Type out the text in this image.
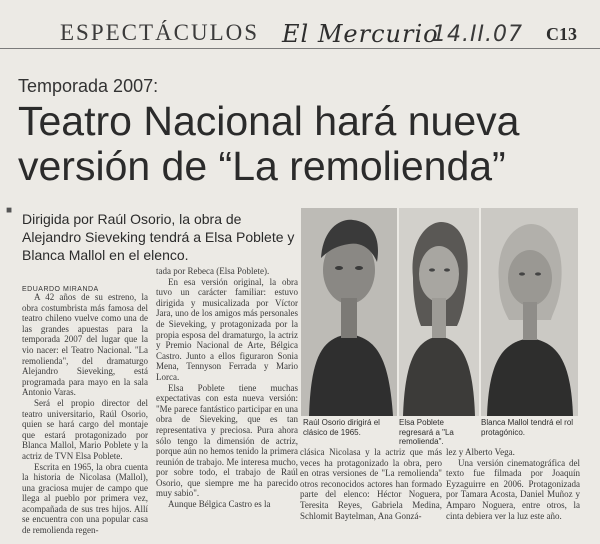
ESPECTÁCULOS El Mercurio
14.II.07 C13
Temporada 2007:
Teatro Nacional hará nueva
versión de “La remolienda”
■
Dirigida por Raúl Osorio, la obra de Alejandro Sieveking tendrá a Elsa Poblete y Blanca Mallol en el elenco.
EDUARDO MIRANDA

A 42 años de su estreno, la obra costumbrista más famosa del teatro chileno vuelve como una de las grandes apuestas para la temporada 2007 del lugar que la vio nacer: el Teatro Nacional. "La remolienda", del dramaturgo Alejandro Sieveking, está programada para mayo en la sala Antonio Varas.

Será el propio director del teatro universitario, Raúl Osorio, quien se hará cargo del montaje que estará protagonizado por Blanca Mallol, Mario Poblete y la actriz de TVN Elsa Poblete.

Escrita en 1965, la obra cuenta la historia de Nicolasa (Mallol), una graciosa mujer de campo que llega al pueblo por primera vez, acompañada de sus tres hijos. Allí se encuentra con una popular casa de remolienda regen-

tada por Rebeca (Elsa Poblete).

En esa versión original, la obra tuvo un carácter familiar: estuvo dirigida y musicalizada por Víctor Jara, uno de los amigos más personales de Sieveking, y protagonizada por la propia esposa del dramaturgo, la actriz y Premio Nacional de Arte, Bélgica Castro. Junto a ellos figuraron Sonia Mena, Tennyson Ferrada y Mario Lorca.

Elsa Poblete tiene muchas expectativas con esta nueva versión: "Me parece fantástico participar en una obra de Sieveking, que es tan representativa y preciosa. Pura ahora sólo tengo la dimensión de actriz, porque aún no hemos tenido la primera reunión de trabajo. Me interesa mucho, por sobre todo, el trabajo de Raúl Osorio, que siempre me ha parecido muy sabio".

Aunque Bélgica Castro es la

Raúl Osorio dirigirá el clásico de 1965.
Elsa Poblete regresará a "La remolienda".
Blanca Mallol tendrá el rol protagónico.

clásica Nicolasa y la actriz que más veces ha protagonizado la obra, pero en otras versiones de "La remolienda" otros reconocidos actores han formado parte del elenco: Héctor Noguera, Teresita Reyes, Gabriela Medina, Schlomit Baytelman, Ana Gonzá-

lez y Alberto Vega.

Una versión cinematográfica del texto fue filmada por Joaquín Eyzaguirre en 2006. Protagonizada por Tamara Acosta, Daniel Muñoz y Amparo Noguera, entre otros, la cinta debiera ver la luz este año.
